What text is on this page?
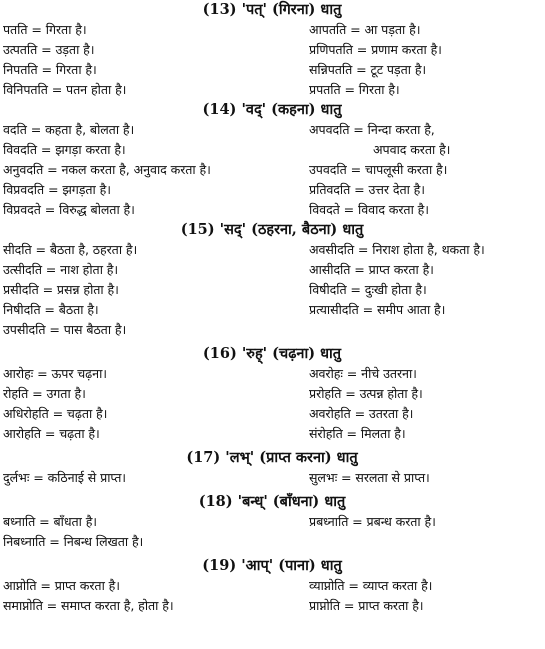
(13) 'पत्' (गिरना) धातु
पतति = गिरता है।
उत्पतति = उड़ता है।
निपतति = गिरता है।
विनिपतति = पतन होता है।
आपतति = आ पड़ता है।
प्रणिपतति = प्रणाम करता है।
सन्निपतति = टूट पड़ता है।
प्रपतति = गिरता है।
(14) 'वद्' (कहना) धातु
वदति = कहता है, बोलता है।
विवदति = झगड़ा करता है।
अनुवदति = नकल करता है, अनुवाद करता है।
विप्रवदति = झगड़ता है।
विप्रवदते = विरुद्ध बोलता है।
अपवदति = निन्दा करता है,
अपवाद करता है।
उपवदति = चापलूसी करता है।
प्रतिवदति = उत्तर देता है।
विवदते = विवाद करता है।
(15) 'सद्' (ठहरना, बैठना) धातु
सीदति = बैठता है, ठहरता है।
उत्सीदति = नाश होता है।
प्रसीदति = प्रसन्न होता है।
निषीदति = बैठता है।
उपसीदति = पास बैठता है।
अवसीदति = निराश होता है, थकता है।
आसीदति = प्राप्त करता है।
विषीदति = दुःखी होता है।
प्रत्यासीदति = समीप आता है।
(16) 'रुह्' (चढ़ना) धातु
आरोहः = ऊपर चढ़ना।
रोहति = उगता है।
अधिरोहति = चढ़ता है।
आरोहति = चढ़ता है।
अवरोहः = नीचे उतरना।
प्ररोहति = उत्पन्न होता है।
अवरोहति = उतरता है।
संरोहति = मिलता है।
(17) 'लभ्' (प्राप्त करना) धातु
दुर्लभः = कठिनाई से प्राप्त।	सुलभः = सरलता से प्राप्त।
(18) 'बन्ध्' (बाँधना) धातु
बध्नाति = बाँधता है।
निबध्नाति = निबन्ध लिखता है।
प्रबध्नाति = प्रबन्ध करता है।
(19) 'आप्' (पाना) धातु
आप्नोति = प्राप्त करता है।
समाप्नोति = समाप्त करता है, होता है।
व्याप्नोति = व्याप्त करता है।
प्राप्नोति = प्राप्त करता है।
